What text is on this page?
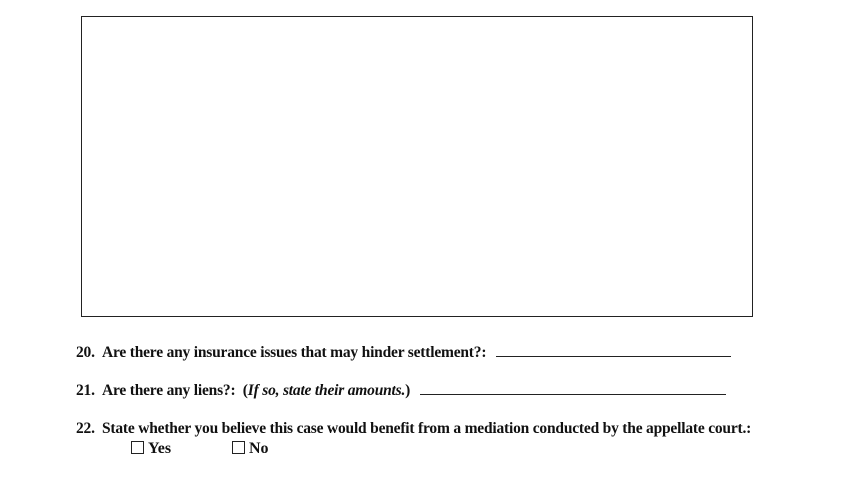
20. Are there any insurance issues that may hinder settlement?:
21. Are there any liens?: (If so, state their amounts.)
22. State whether you believe this case would benefit from a mediation conducted by the appellate court.:
Yes	No
